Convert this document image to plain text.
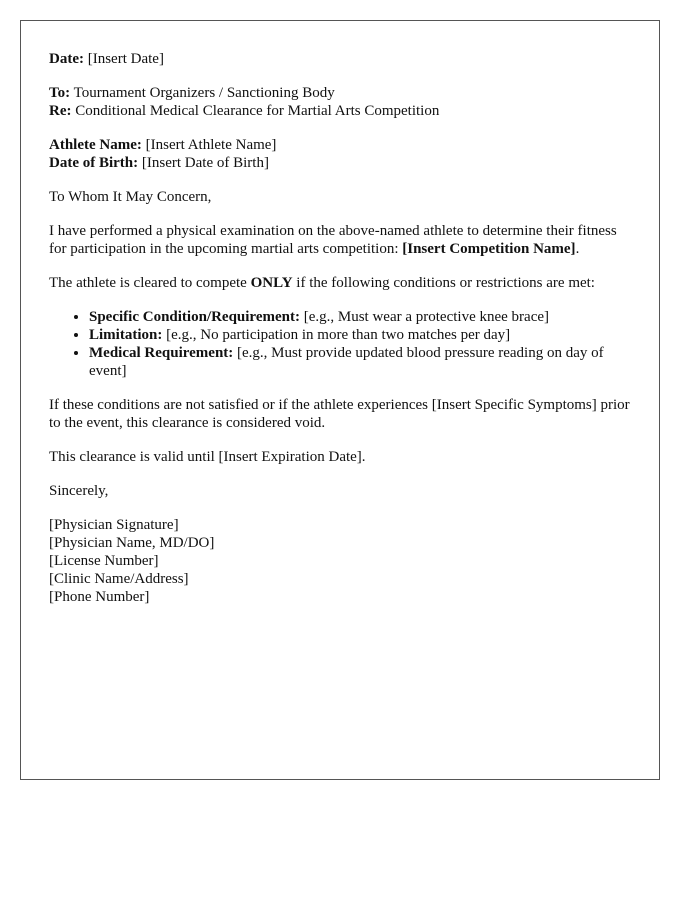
Date: [Insert Date]

To: Tournament Organizers / Sanctioning Body
Re: Conditional Medical Clearance for Martial Arts Competition
Athlete Name: [Insert Athlete Name]
Date of Birth: [Insert Date of Birth]

To Whom It May Concern,

I have performed a physical examination on the above-named athlete to determine their fitness for participation in the upcoming martial arts competition: [Insert Competition Name].

The athlete is cleared to compete ONLY if the following conditions or restrictions are met:

• Specific Condition/Requirement: [e.g., Must wear a protective knee brace]
• Limitation: [e.g., No participation in more than two matches per day]
• Medical Requirement: [e.g., Must provide updated blood pressure reading on day of event]

If these conditions are not satisfied or if the athlete experiences [Insert Specific Symptoms] prior to the event, this clearance is considered void.

This clearance is valid until [Insert Expiration Date].

Sincerely,

[Physician Signature]
[Physician Name, MD/DO]
[License Number]
[Clinic Name/Address]
[Phone Number]
